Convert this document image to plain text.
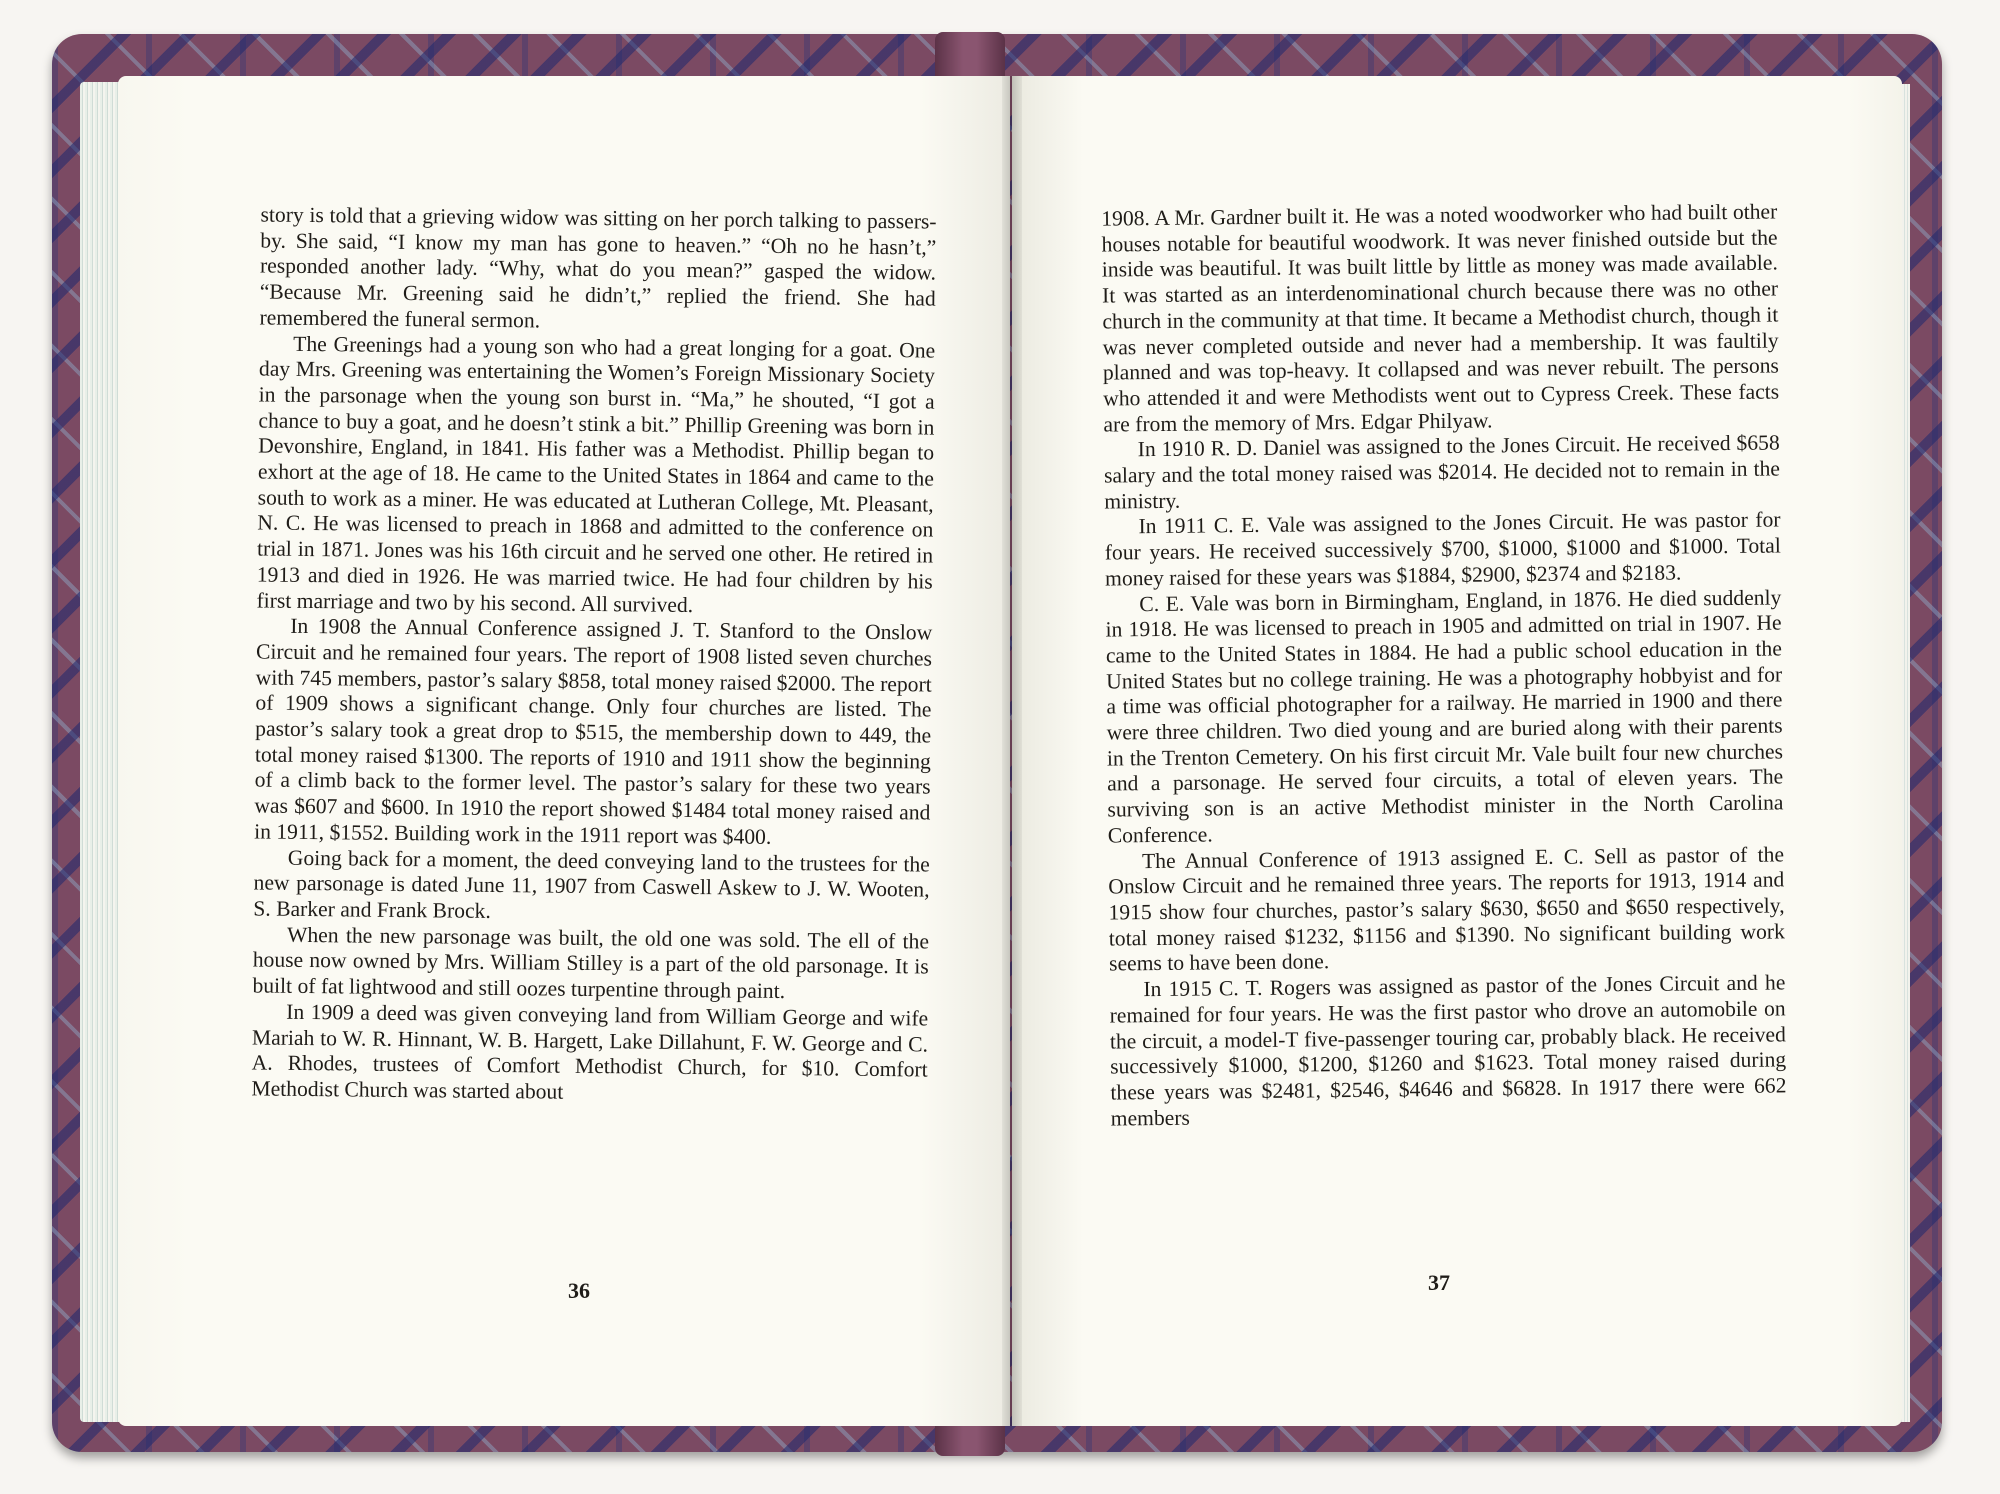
story is told that a grieving widow was sitting on her porch talking to passers-by. She said, “I know my man has gone to heaven.” “Oh no he hasn’t,” responded another lady. “Why, what do you mean?” gasped the widow. “Because Mr. Greening said he didn’t,” replied the friend. She had remembered the funeral sermon.

The Greenings had a young son who had a great longing for a goat. One day Mrs. Greening was entertaining the Women’s Foreign Missionary Society in the parsonage when the young son burst in. “Ma,” he shouted, “I got a chance to buy a goat, and he doesn’t stink a bit.” Phillip Greening was born in Devonshire, England, in 1841. His father was a Methodist. Phillip began to exhort at the age of 18. He came to the United States in 1864 and came to the south to work as a miner. He was educated at Lutheran College, Mt. Pleasant, N. C. He was licensed to preach in 1868 and admitted to the conference on trial in 1871. Jones was his 16th circuit and he served one other. He retired in 1913 and died in 1926. He was married twice. He had four children by his first marriage and two by his second. All survived.

In 1908 the Annual Conference assigned J. T. Stanford to the Onslow Circuit and he remained four years. The report of 1908 listed seven churches with 745 members, pastor’s salary $858, total money raised $2000. The report of 1909 shows a significant change. Only four churches are listed. The pastor’s salary took a great drop to $515, the membership down to 449, the total money raised $1300. The reports of 1910 and 1911 show the beginning of a climb back to the former level. The pastor’s salary for these two years was $607 and $600. In 1910 the report showed $1484 total money raised and in 1911, $1552. Building work in the 1911 report was $400.

Going back for a moment, the deed conveying land to the trustees for the new parsonage is dated June 11, 1907 from Caswell Askew to J. W. Wooten, S. Barker and Frank Brock.

When the new parsonage was built, the old one was sold. The ell of the house now owned by Mrs. William Stilley is a part of the old parsonage. It is built of fat lightwood and still oozes turpentine through paint.

In 1909 a deed was given conveying land from William George and wife Mariah to W. R. Hinnant, W. B. Hargett, Lake Dillahunt, F. W. George and C. A. Rhodes, trustees of Comfort Methodist Church, for $10. Comfort Methodist Church was started about

36

1908. A Mr. Gardner built it. He was a noted woodworker who had built other houses notable for beautiful woodwork. It was never finished outside but the inside was beautiful. It was built little by little as money was made available. It was started as an interdenominational church because there was no other church in the community at that time. It became a Methodist church, though it was never completed outside and never had a membership. It was faultily planned and was top-heavy. It collapsed and was never rebuilt. The persons who attended it and were Methodists went out to Cypress Creek. These facts are from the memory of Mrs. Edgar Philyaw.

In 1910 R. D. Daniel was assigned to the Jones Circuit. He received $658 salary and the total money raised was $2014. He decided not to remain in the ministry.

In 1911 C. E. Vale was assigned to the Jones Circuit. He was pastor for four years. He received successively $700, $1000, $1000 and $1000. Total money raised for these years was $1884, $2900, $2374 and $2183.

C. E. Vale was born in Birmingham, England, in 1876. He died suddenly in 1918. He was licensed to preach in 1905 and admitted on trial in 1907. He came to the United States in 1884. He had a public school education in the United States but no college training. He was a photography hobbyist and for a time was official photographer for a railway. He married in 1900 and there were three children. Two died young and are buried along with their parents in the Trenton Cemetery. On his first circuit Mr. Vale built four new churches and a parsonage. He served four circuits, a total of eleven years. The surviving son is an active Methodist minister in the North Carolina Conference.

The Annual Conference of 1913 assigned E. C. Sell as pastor of the Onslow Circuit and he remained three years. The reports for 1913, 1914 and 1915 show four churches, pastor’s salary $630, $650 and $650 respectively, total money raised $1232, $1156 and $1390. No significant building work seems to have been done.

In 1915 C. T. Rogers was assigned as pastor of the Jones Circuit and he remained for four years. He was the first pastor who drove an automobile on the circuit, a model-T five-passenger touring car, probably black. He received successively $1000, $1200, $1260 and $1623. Total money raised during these years was $2481, $2546, $4646 and $6828. In 1917 there were 662 members

37
